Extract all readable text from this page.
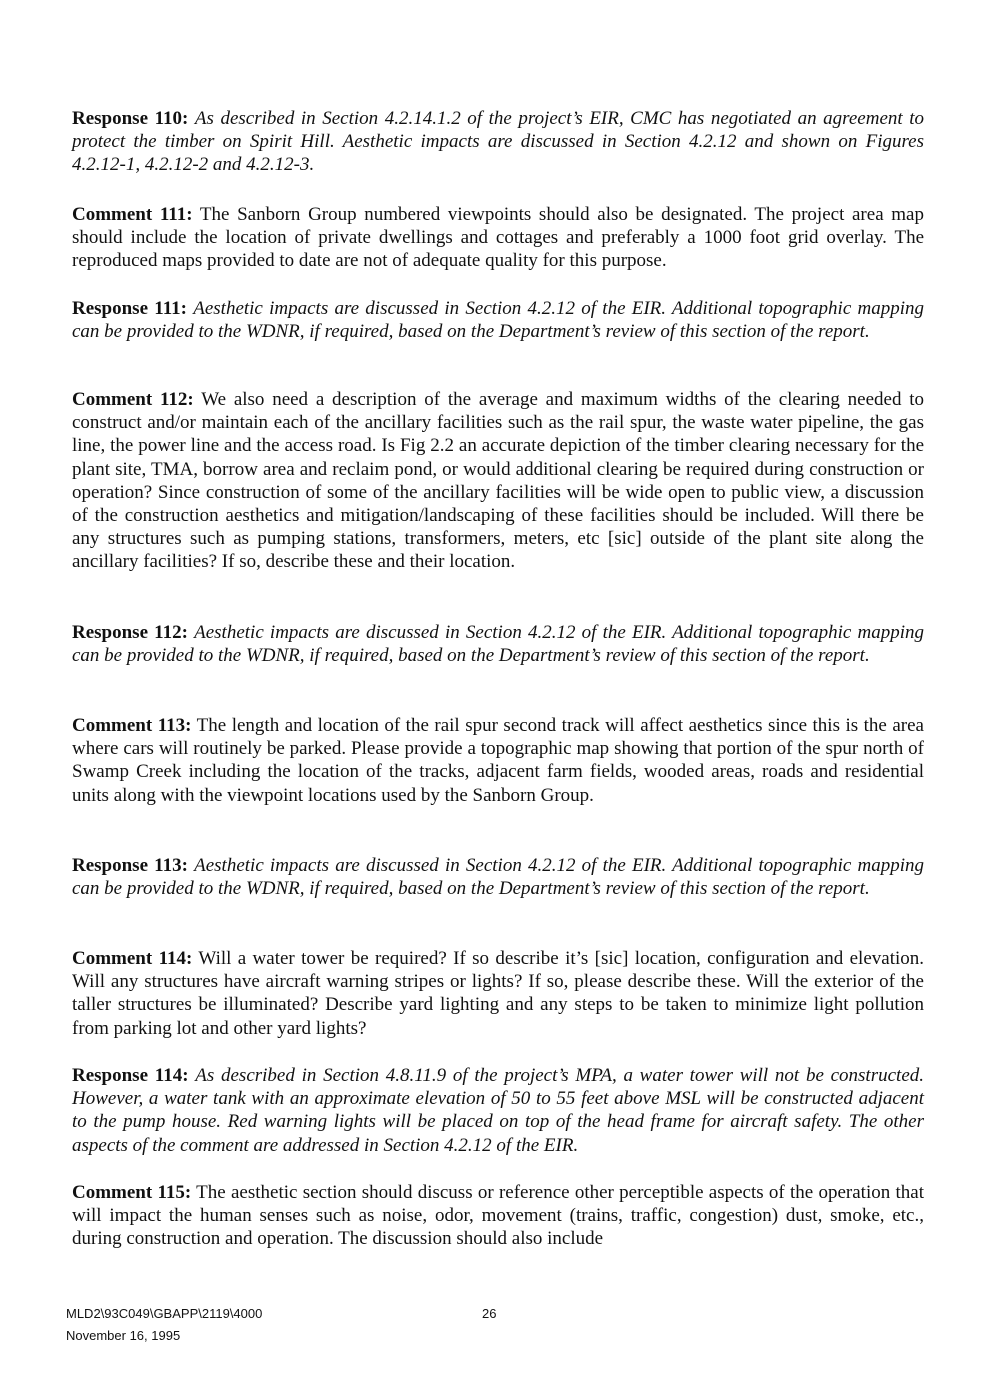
Response 110: As described in Section 4.2.14.1.2 of the project’s EIR, CMC has negotiated an agreement to protect the timber on Spirit Hill. Aesthetic impacts are discussed in Section 4.2.12 and shown on Figures 4.2.12-1, 4.2.12-2 and 4.2.12-3.

Comment 111: The Sanborn Group numbered viewpoints should also be designated. The project area map should include the location of private dwellings and cottages and preferably a 1000 foot grid overlay. The reproduced maps provided to date are not of adequate quality for this purpose.

Response 111: Aesthetic impacts are discussed in Section 4.2.12 of the EIR. Additional topographic mapping can be provided to the WDNR, if required, based on the Department’s review of this section of the report.

Comment 112: We also need a description of the average and maximum widths of the clearing needed to construct and/or maintain each of the ancillary facilities such as the rail spur, the waste water pipeline, the gas line, the power line and the access road. Is Fig 2.2 an accurate depiction of the timber clearing necessary for the plant site, TMA, borrow area and reclaim pond, or would additional clearing be required during construction or operation? Since construction of some of the ancillary facilities will be wide open to public view, a discussion of the construction aesthetics and mitigation/landscaping of these facilities should be included. Will there be any structures such as pumping stations, transformers, meters, etc [sic] outside of the plant site along the ancillary facilities? If so, describe these and their location.

Response 112: Aesthetic impacts are discussed in Section 4.2.12 of the EIR. Additional topographic mapping can be provided to the WDNR, if required, based on the Department’s review of this section of the report.

Comment 113: The length and location of the rail spur second track will affect aesthetics since this is the area where cars will routinely be parked. Please provide a topographic map showing that portion of the spur north of Swamp Creek including the location of the tracks, adjacent farm fields, wooded areas, roads and residential units along with the viewpoint locations used by the Sanborn Group.

Response 113: Aesthetic impacts are discussed in Section 4.2.12 of the EIR. Additional topographic mapping can be provided to the WDNR, if required, based on the Department’s review of this section of the report.

Comment 114: Will a water tower be required? If so describe it’s [sic] location, configuration and elevation. Will any structures have aircraft warning stripes or lights? If so, please describe these. Will the exterior of the taller structures be illuminated? Describe yard lighting and any steps to be taken to minimize light pollution from parking lot and other yard lights?

Response 114: As described in Section 4.8.11.9 of the project’s MPA, a water tower will not be constructed. However, a water tank with an approximate elevation of 50 to 55 feet above MSL will be constructed adjacent to the pump house. Red warning lights will be placed on top of the head frame for aircraft safety. The other aspects of the comment are addressed in Section 4.2.12 of the EIR.

Comment 115: The aesthetic section should discuss or reference other perceptible aspects of the operation that will impact the human senses such as noise, odor, movement (trains, traffic, congestion) dust, smoke, etc., during construction and operation. The discussion should also include

MLD2\93C049\GBAPP\2119\4000
November 16, 1995
26
